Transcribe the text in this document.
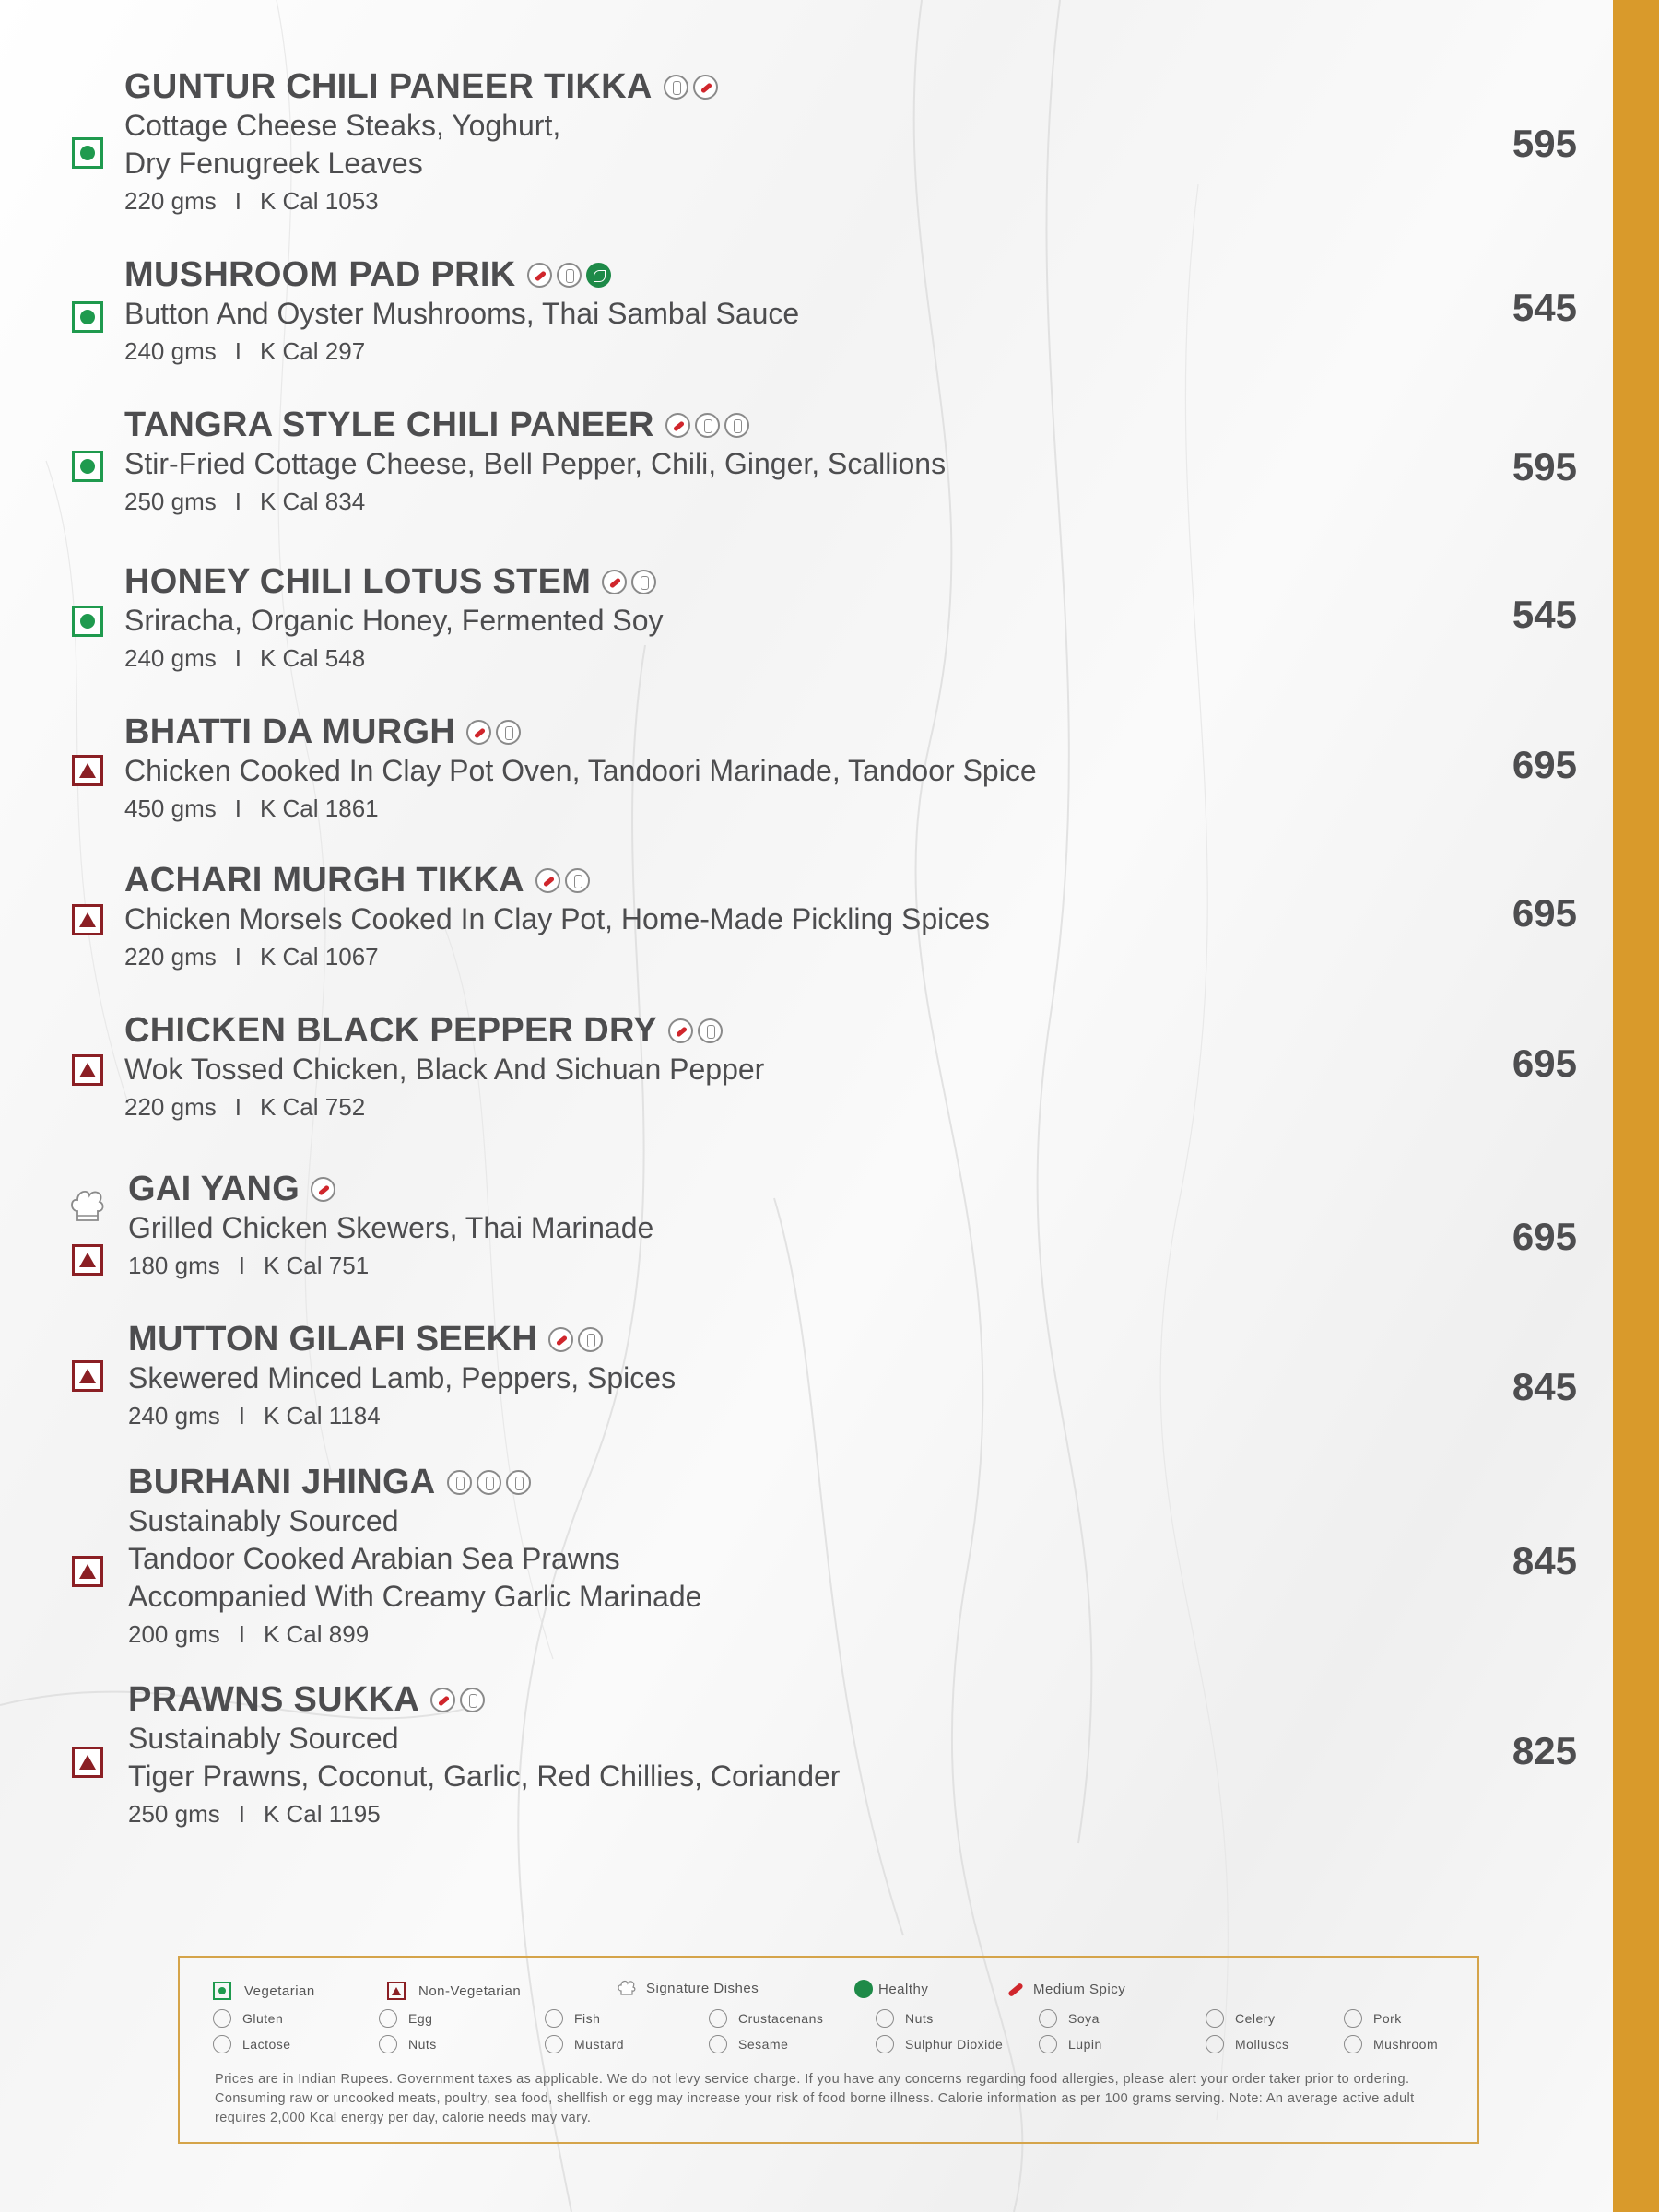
GUNTUR CHILI PANEER TIKKA
Cottage Cheese Steaks, Yoghurt,
Dry Fenugreek Leaves
220 gms I K Cal 1053
595
MUSHROOM PAD PRIK
Button And Oyster Mushrooms, Thai Sambal Sauce
240 gms I K Cal 297
545
TANGRA STYLE CHILI PANEER
Stir-Fried Cottage Cheese, Bell Pepper, Chili, Ginger, Scallions
250 gms I K Cal 834
595
HONEY CHILI LOTUS STEM
Sriracha, Organic Honey, Fermented Soy
240 gms I K Cal 548
545
BHATTI DA MURGH
Chicken Cooked In Clay Pot Oven, Tandoori Marinade, Tandoor Spice
450 gms I K Cal 1861
695
ACHARI MURGH TIKKA
Chicken Morsels Cooked In Clay Pot, Home-Made Pickling Spices
220 gms I K Cal 1067
695
CHICKEN BLACK PEPPER DRY
Wok Tossed Chicken, Black And Sichuan Pepper
220 gms I K Cal 752
695
GAI YANG
Grilled Chicken Skewers, Thai Marinade
180 gms I K Cal 751
695
MUTTON GILAFI SEEKH
Skewered Minced Lamb, Peppers, Spices
240 gms I K Cal 1184
845
BURHANI JHINGA
Sustainably Sourced
Tandoor Cooked Arabian Sea Prawns
Accompanied With Creamy Garlic Marinade
200 gms I K Cal 899
845
PRAWNS SUKKA
Sustainably Sourced
Tiger Prawns, Coconut, Garlic, Red Chillies, Coriander
250 gms I K Cal 1195
825
Vegetarian	Non-Vegetarian	Signature Dishes	Healthy	Medium Spicy
Gluten	Egg	Fish	Crustacenans	Nuts	Soya	Celery	Pork
Lactose	Nuts	Mustard	Sesame	Sulphur Dioxide	Lupin	Molluscs	Mushroom
Prices are in Indian Rupees. Government taxes as applicable. We do not levy service charge. If you have any concerns regarding food allergies, please alert your order taker prior to ordering. Consuming raw or uncooked meats, poultry, sea food, shellfish or egg may increase your risk of food borne illness. Calorie information as per 100 grams serving. Note: An average active adult requires 2,000 Kcal energy per day, calorie needs may vary.
